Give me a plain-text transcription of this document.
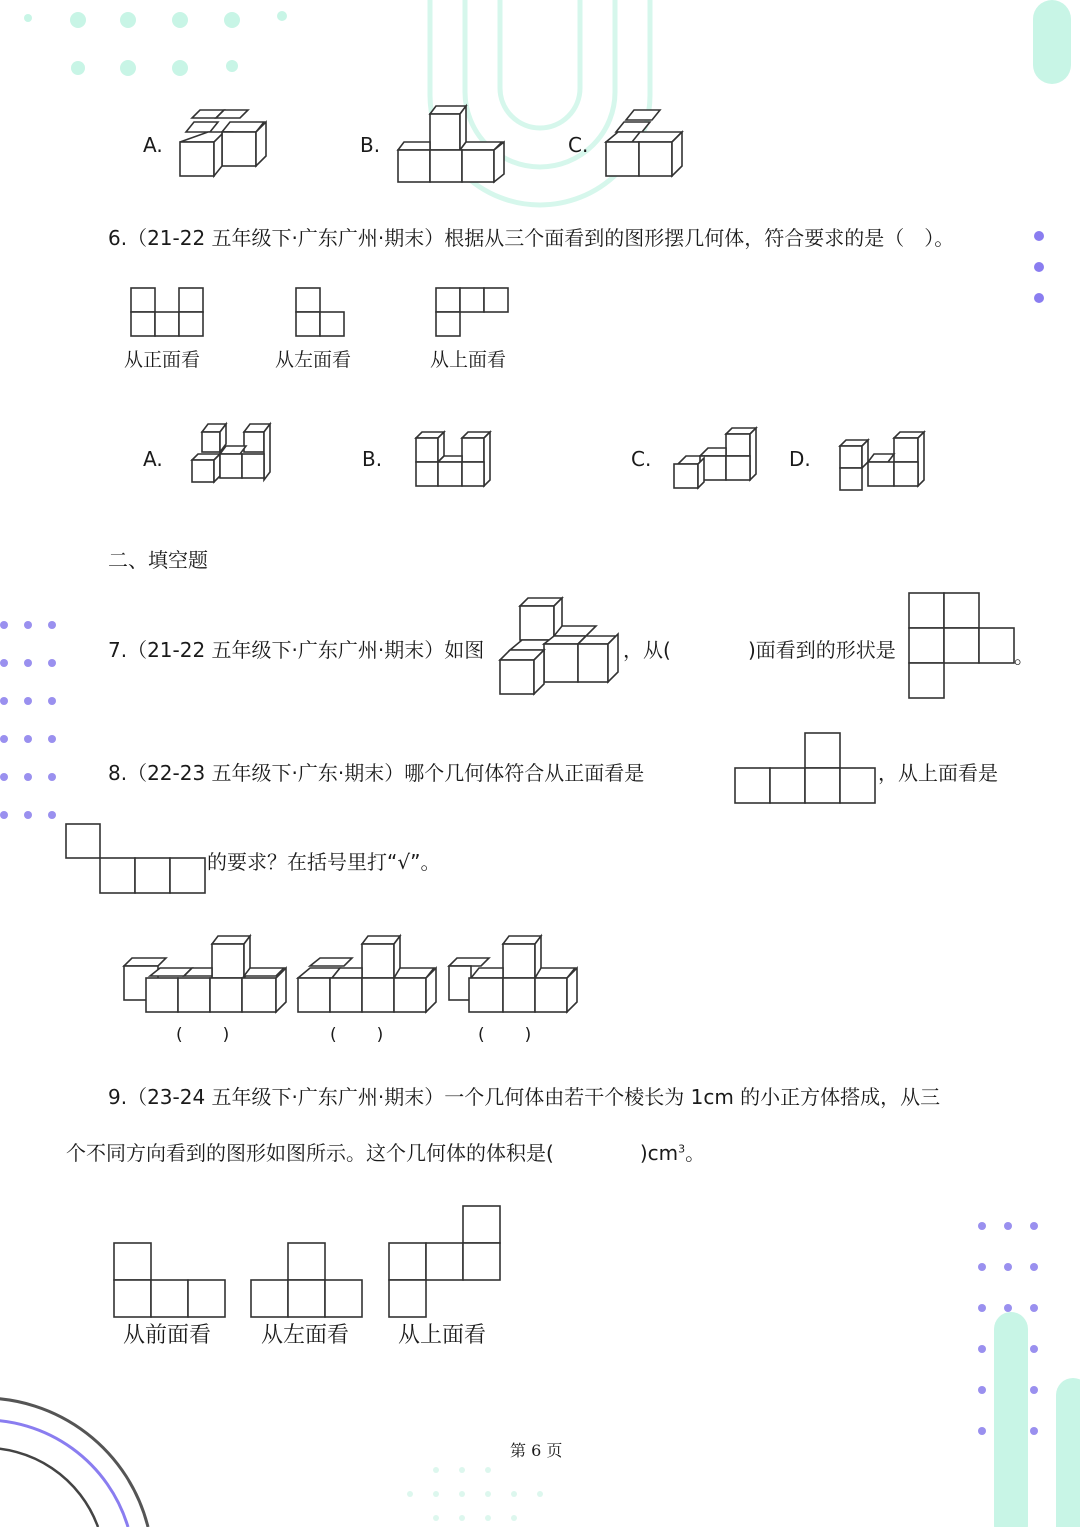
A.	B.	C.
6.（21-22 五年级下·广东广州·期末）根据从三个面看到的图形摆几何体，符合要求的是（　）。
从正面看	从左面看	从上面看
A.	B.	C.	D.
二、填空题
7.（21-22 五年级下·广东广州·期末）如图	，从(	)面看到的形状是	。
8.（22-23 五年级下·广东·期末）哪个几何体符合从正面看是	，从上面看是
的要求？在括号里打“√”。
(　　)	(　　)	(　　)
9.（23-24 五年级下·广东广州·期末）一个几何体由若干个棱长为 1cm 的小正方体搭成，从三
个不同方向看到的图形如图所示。这个几何体的体积是(	)$cm^3$。
从前面看 从左面看 从上面看
第 6 页
